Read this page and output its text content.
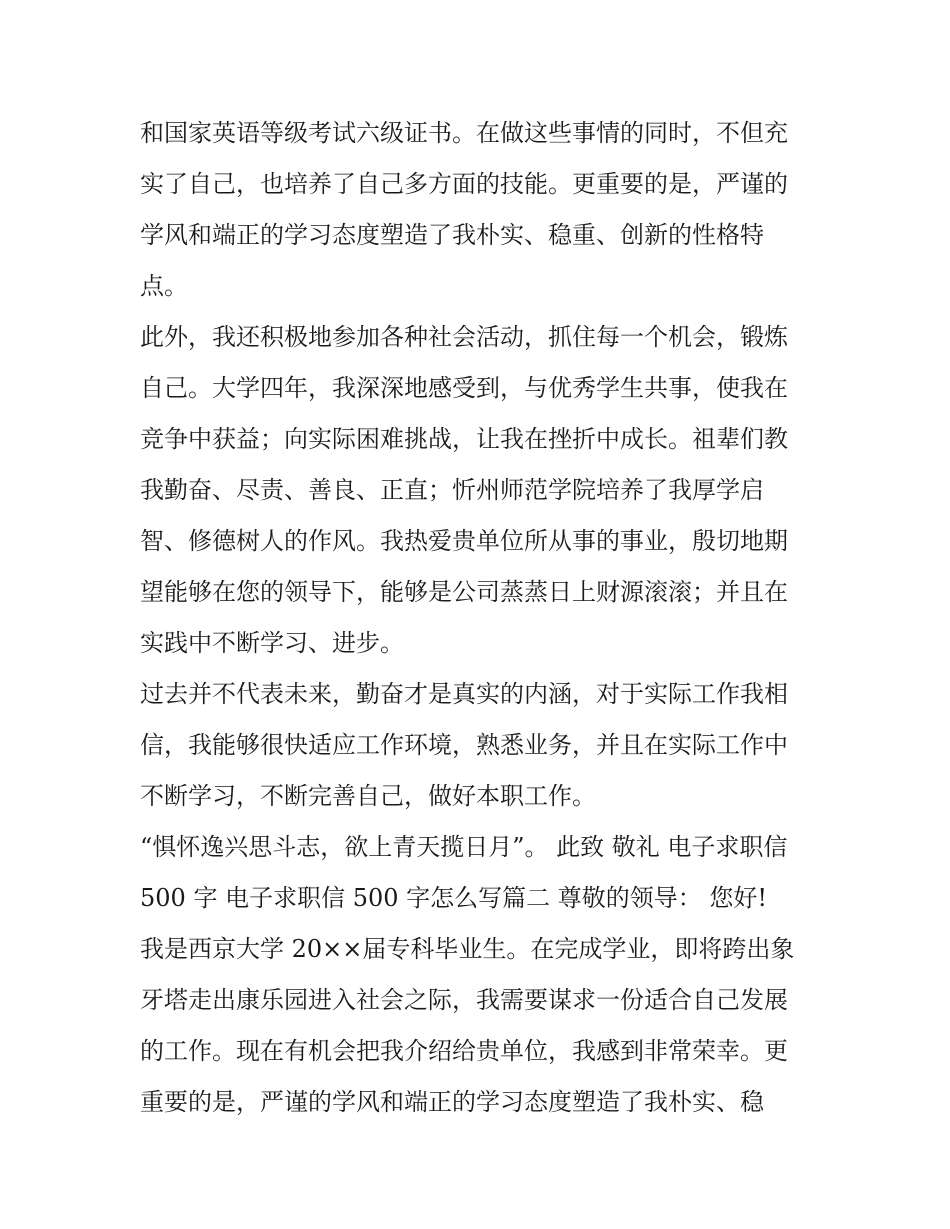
和国家英语等级考试六级证书。在做这些事情的同时，不但充
实了自己，也培养了自己多方面的技能。更重要的是，严谨的
学风和端正的学习态度塑造了我朴实、稳重、创新的性格特
点。
此外，我还积极地参加各种社会活动，抓住每一个机会，锻炼
自己。大学四年，我深深地感受到，与优秀学生共事，使我在
竞争中获益；向实际困难挑战，让我在挫折中成长。祖辈们教
我勤奋、尽责、善良、正直；忻州师范学院培养了我厚学启
智、修德树人的作风。我热爱贵单位所从事的事业，殷切地期
望能够在您的领导下，能够是公司蒸蒸日上财源滚滚；并且在
实践中不断学习、进步。
过去并不代表未来，勤奋才是真实的内涵，对于实际工作我相
信，我能够很快适应工作环境，熟悉业务，并且在实际工作中
不断学习，不断完善自己，做好本职工作。
“惧怀逸兴思斗志，欲上青天揽日月”。 此致 敬礼 电子求职信
500 字 电子求职信 500 字怎么写篇二 尊敬的领导： 您好!
我是西京大学 20××届专科毕业生。在完成学业，即将跨出象
牙塔走出康乐园进入社会之际，我需要谋求一份适合自己发展
的工作。现在有机会把我介绍给贵单位，我感到非常荣幸。更
重要的是，严谨的学风和端正的学习态度塑造了我朴实、稳
